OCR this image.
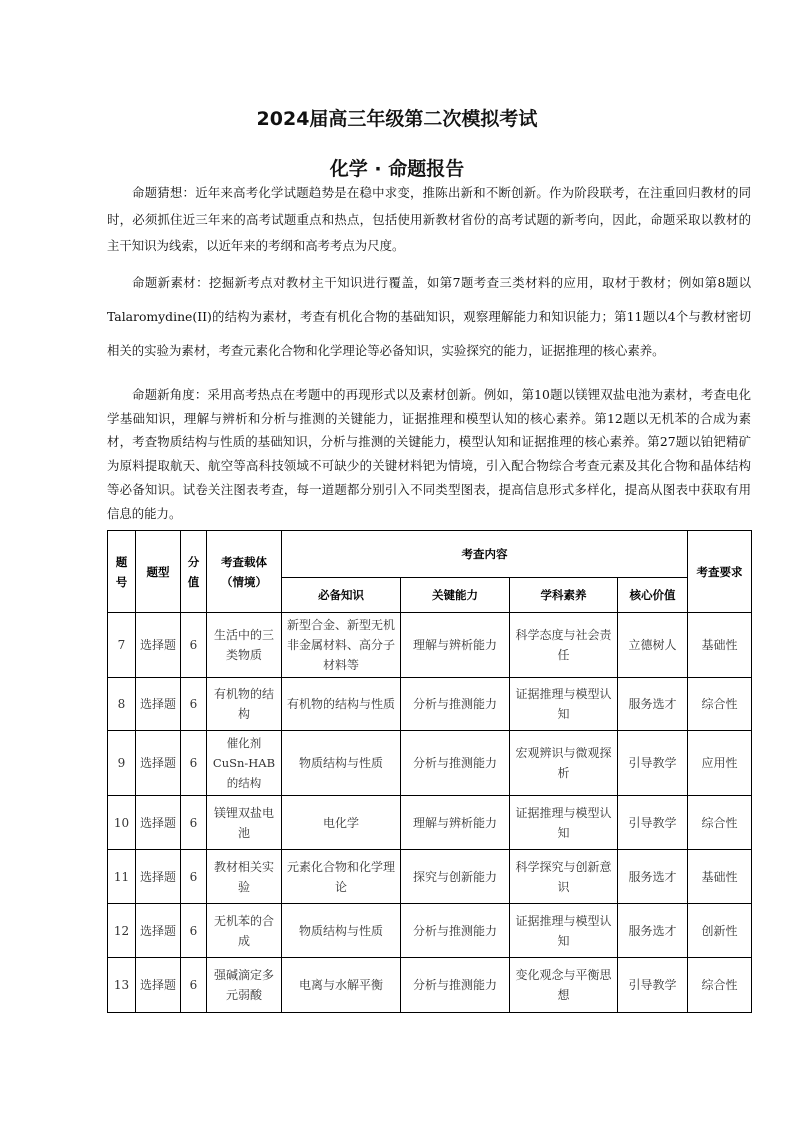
2024届高三年级第二次模拟考试
化学 · 命题报告

命题猜想：近年来高考化学试题趋势是在稳中求变，推陈出新和不断创新。作为阶段联考，在注重回归教材的同时，必须抓住近三年来的高考试题重点和热点，包括使用新教材省份的高考试题的新考向，因此，命题采取以教材的主干知识为线索，以近年来的考纲和高考考点为尺度。

命题新素材：挖掘新考点对教材主干知识进行覆盖，如第7题考查三类材料的应用，取材于教材；例如第8题以Talaromydine(II)的结构为素材，考查有机化合物的基础知识，观察理解能力和知识能力；第11题以4个与教材密切相关的实验为素材，考查元素化合物和化学理论等必备知识，实验探究的能力，证据推理的核心素养。

命题新角度：采用高考热点在考题中的再现形式以及素材创新。例如，第10题以镁锂双盐电池为素材，考查电化学基础知识，理解与辨析和分析与推测的关键能力，证据推理和模型认知的核心素养。第12题以无机苯的合成为素材，考查物质结构与性质的基础知识，分析与推测的关键能力，模型认知和证据推理的核心素养。第27题以铂钯精矿为原料提取航天、航空等高科技领域不可缺少的关键材料钯为情境，引入配合物综合考查元素及其化合物和晶体结构等必备知识。试卷关注图表考查，每一道题都分别引入不同类型图表，提高信息形式多样化，提高从图表中获取有用信息的能力。

题号	题型	分值	考查载体（情境）	考查内容				考查要求
				必备知识	关键能力	学科素养	核心价值	
7	选择题	6	生活中的三类物质	新型合金、新型无机非金属材料、高分子材料等	理解与辨析能力	科学态度与社会责任	立德树人	基础性
8	选择题	6	有机物的结构	有机物的结构与性质	分析与推测能力	证据推理与模型认知	服务选才	综合性
9	选择题	6	催化剂CuSn-HAB的结构	物质结构与性质	分析与推测能力	宏观辨识与微观探析	引导教学	应用性
10	选择题	6	镁锂双盐电池	电化学	理解与辨析能力	证据推理与模型认知	引导教学	综合性
11	选择题	6	教材相关实验	元素化合物和化学理论	探究与创新能力	科学探究与创新意识	服务选才	基础性
12	选择题	6	无机苯的合成	物质结构与性质	分析与推测能力	证据推理与模型认知	服务选才	创新性
13	选择题	6	强碱滴定多元弱酸	电离与水解平衡	分析与推测能力	变化观念与平衡思想	引导教学	综合性
